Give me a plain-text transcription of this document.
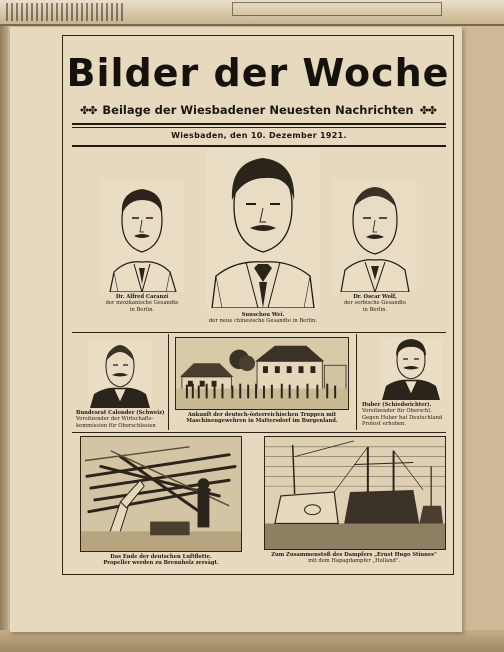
Bilder der Woche
✤✤ Beilage der Wiesbadener Neuesten Nachrichten ✤✤
Wiesbaden, den 10. Dezember 1921.
Dr. Alfred Caranzi
der mexikanische Gesandte
in Berlin.
Sunschou Wei.
der neue chinesische Gesandte in Berlin.
Dr. Oscar Wolf,
der serbische Gesandte
in Berlin.
Bundesrat Calonder (Schweiz)
Vorsitzender der Wirtschafts-
kommission für Oberschlesien
Ankunft der deutsch-österreichischen Truppen mit
Maschinengewehren in Mattersdorf im Burgenland.
Huber (Schiedsrichter).
Vorsitzender für Oberschl.
Gegen Huber hat Deutschland
Protest erhoben.
Das Ende der deutschen Luftflotte.
Propeller werden zu Brennholz zersägt.
Zum Zusammenstoß des Dampfers „Ernst Hugo Stinnes"
mit dem Hapagdampfer „Holland".
